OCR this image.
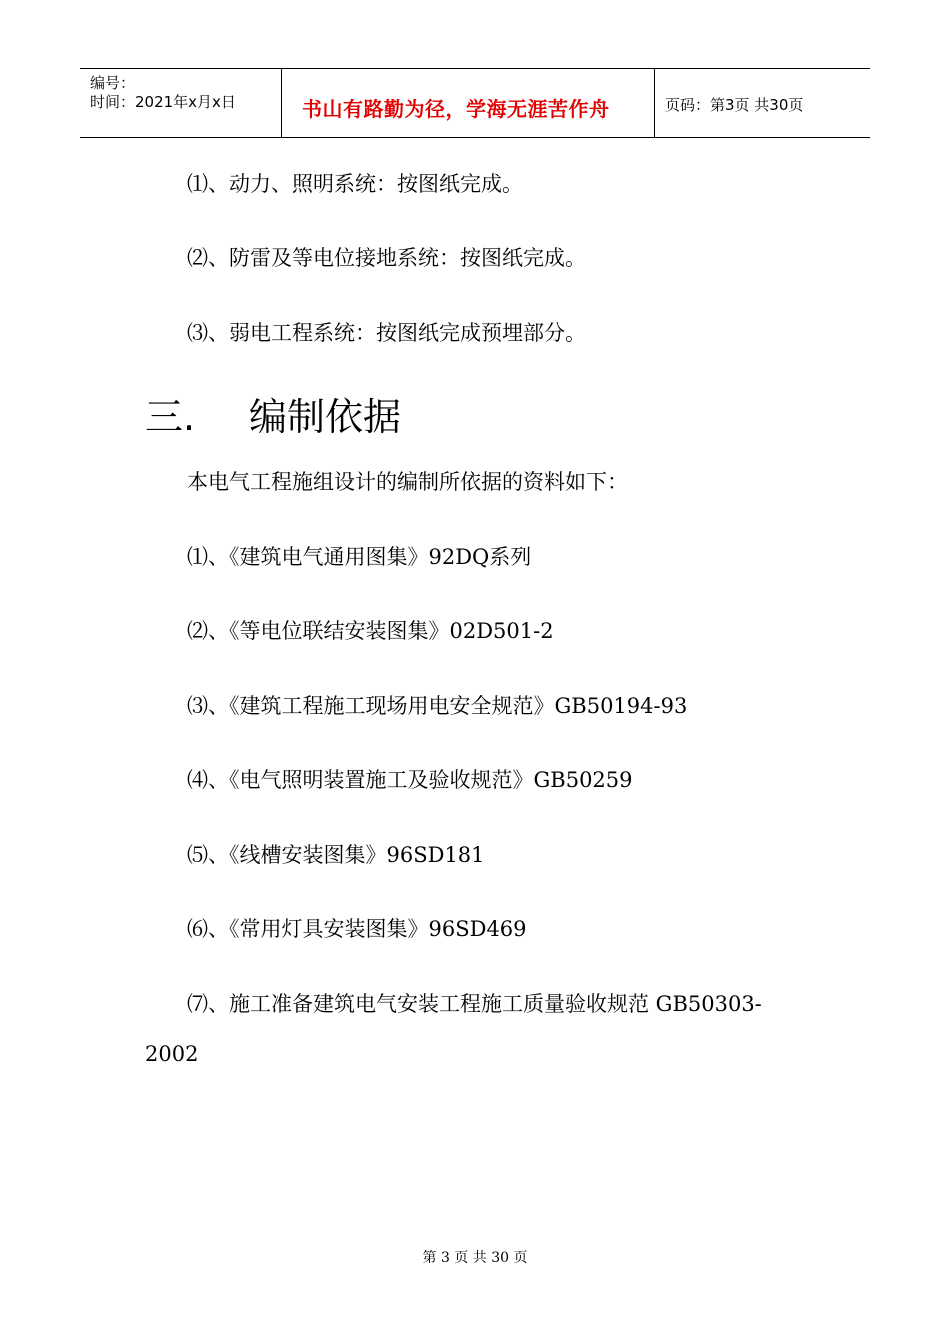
编号：
时间：2021年x月x日	书山有路勤为径，学海无涯苦作舟	页码：第3页 共30页
⑴、动力、照明系统：按图纸完成。
⑵、防雷及等电位接地系统：按图纸完成。
⑶、弱电工程系统：按图纸完成预埋部分。
三. 编制依据
本电气工程施组设计的编制所依据的资料如下：
⑴、《建筑电气通用图集》92DQ系列
⑵、《等电位联结安装图集》02D501-2
⑶、《建筑工程施工现场用电安全规范》GB50194-93
⑷、《电气照明装置施工及验收规范》GB50259
⑸、《线槽安装图集》96SD181
⑹、《常用灯具安装图集》96SD469
⑺、施工准备建筑电气安装工程施工质量验收规范 GB50303-
2002
第 3 页 共 30 页
